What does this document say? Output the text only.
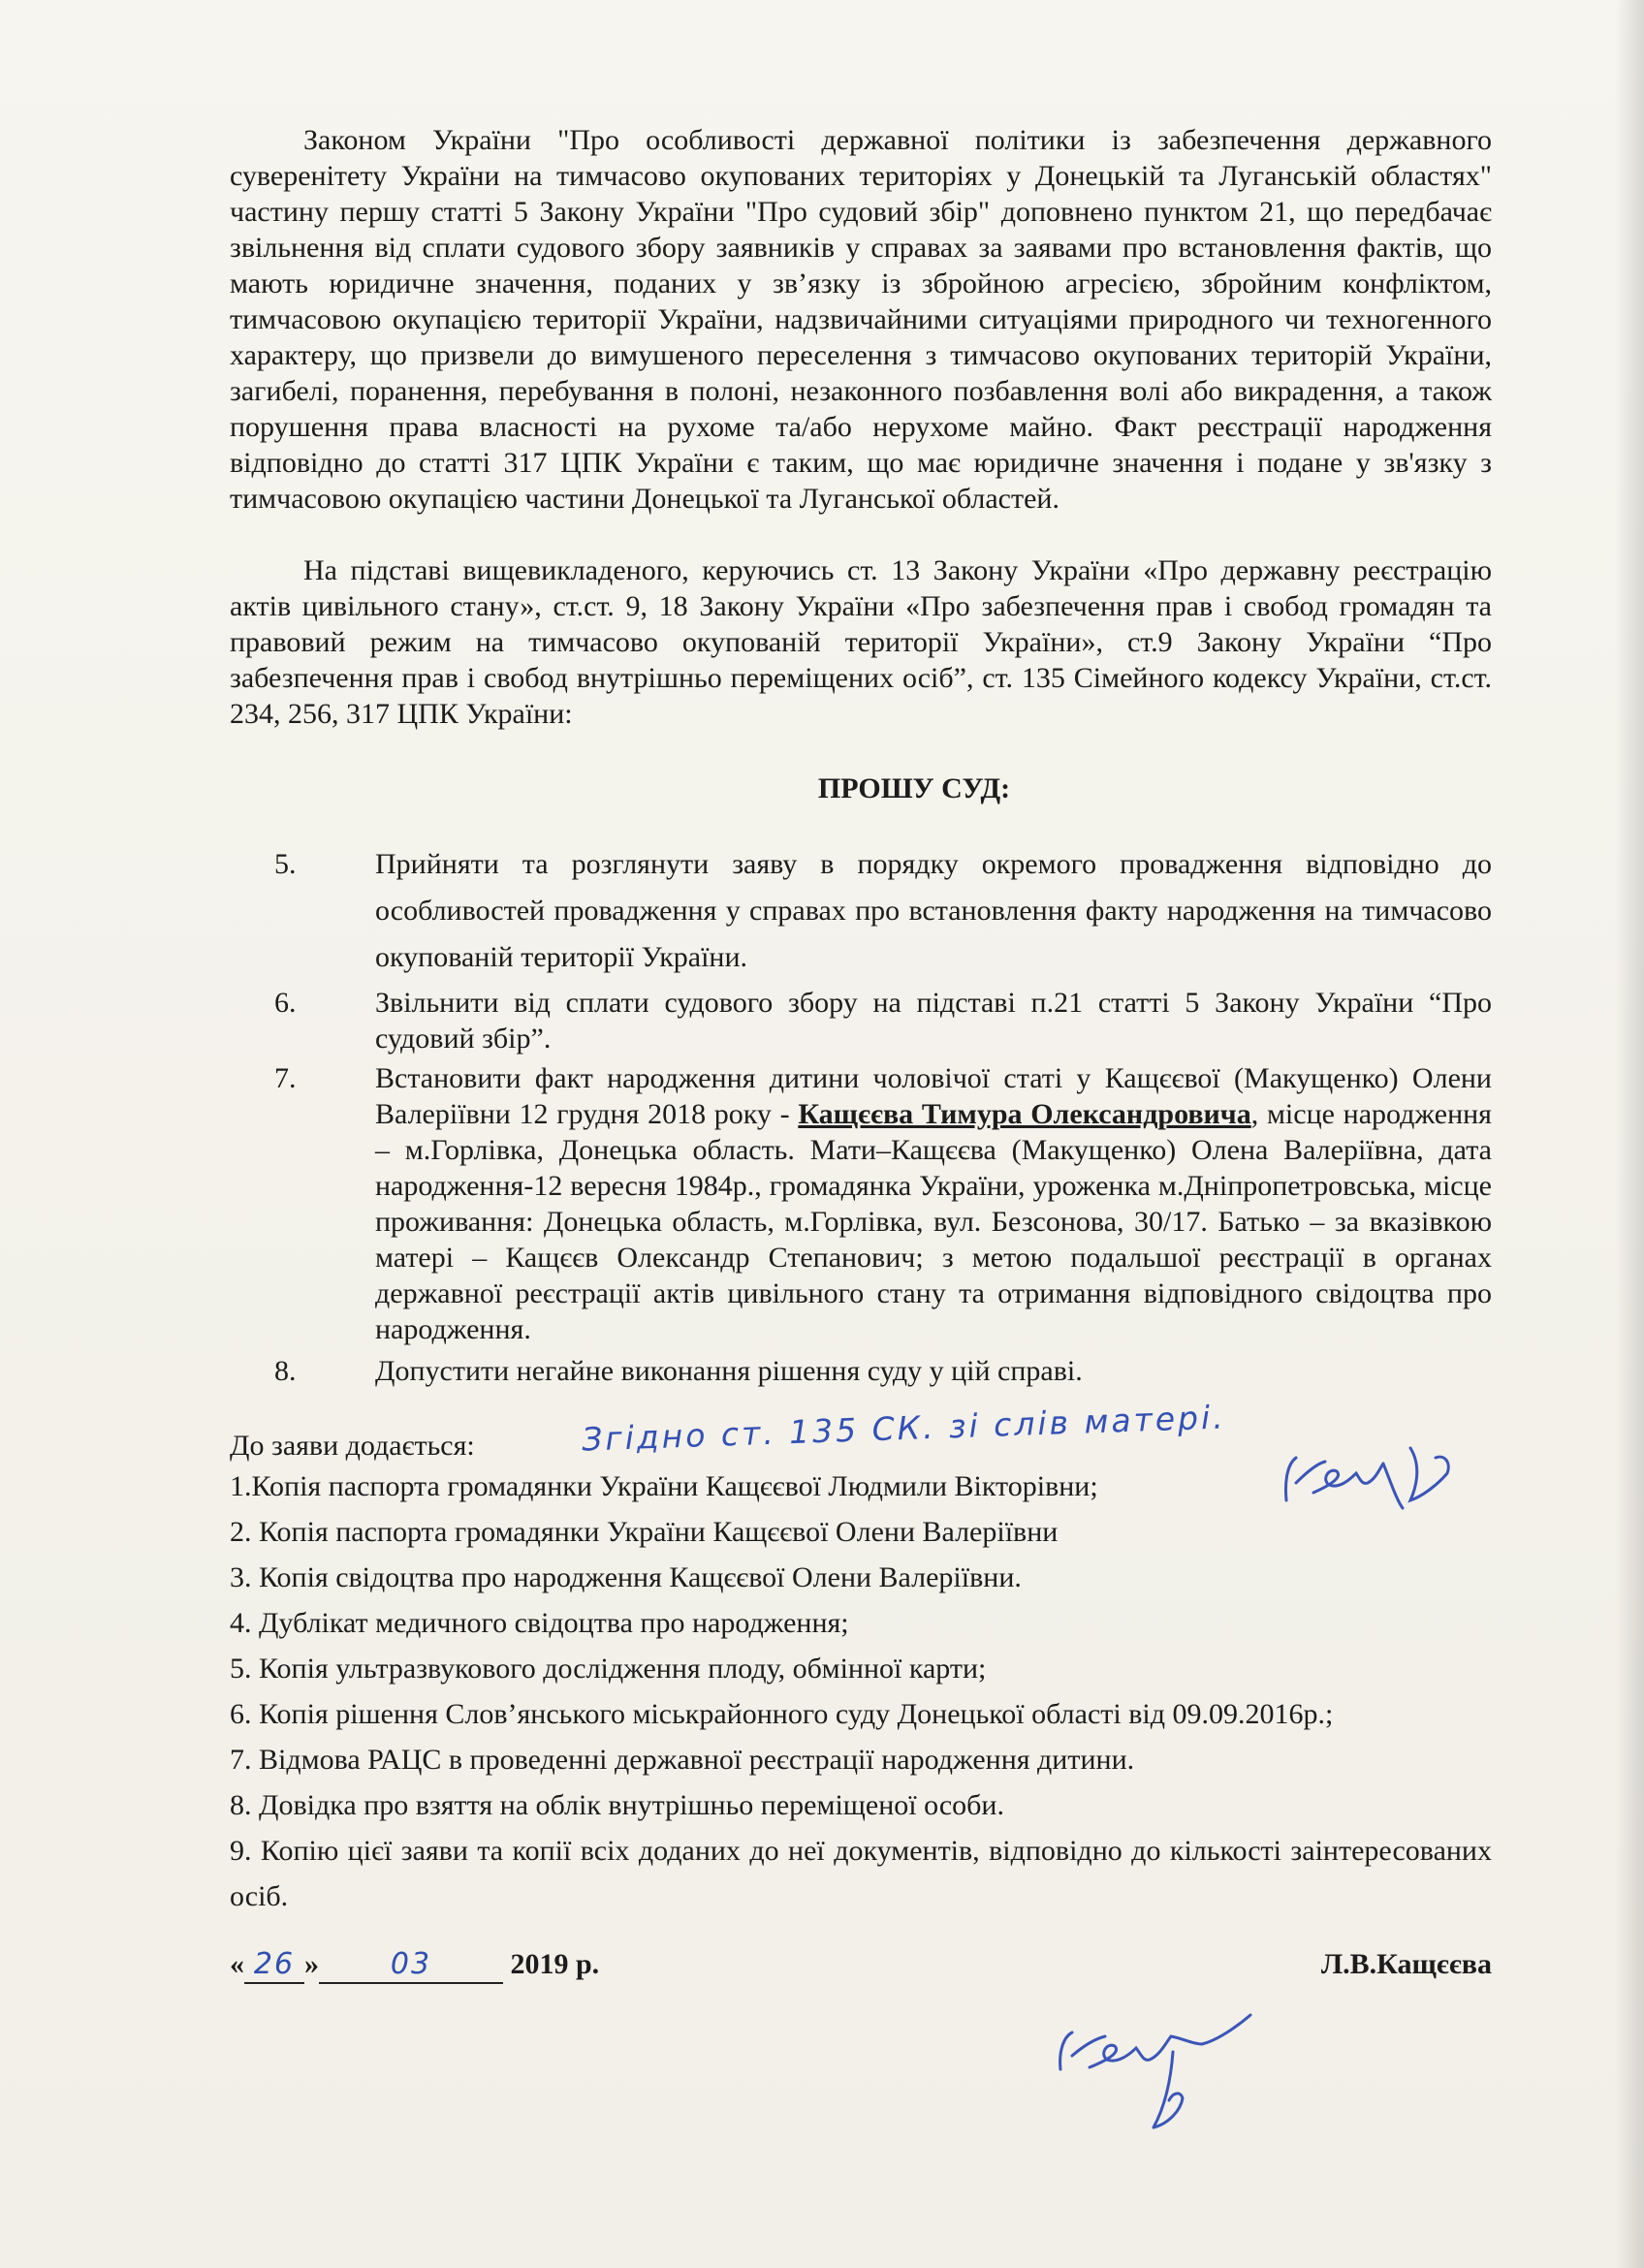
Законом України "Про особливості державної політики із забезпечення державного суверенітету України на тимчасово окупованих територіях у Донецькій та Луганській областях" частину першу статті 5 Закону України "Про судовий збір" доповнено пунктом 21, що передбачає звільнення від сплати судового збору заявників у справах за заявами про встановлення фактів, що мають юридичне значення, поданих у зв’язку із збройною агресією, збройним конфліктом, тимчасовою окупацією території України, надзвичайними ситуаціями природного чи техногенного характеру, що призвели до вимушеного переселення з тимчасово окупованих територій України, загибелі, поранення, перебування в полоні, незаконного позбавлення волі або викрадення, а також порушення права власності на рухоме та/або нерухоме майно. Факт реєстрації народження відповідно до статті 317 ЦПК України є таким, що має юридичне значення і подане у зв'язку з тимчасовою окупацією частини Донецької та Луганської областей.

На підставі вищевикладеного, керуючись ст. 13 Закону України «Про державну реєстрацію актів цивільного стану», ст.ст. 9, 18 Закону України «Про забезпечення прав і свобод громадян та правовий режим на тимчасово окупованій території України», ст.9 Закону України “Про забезпечення прав і свобод внутрішньо переміщених осіб”, ст. 135 Сімейного кодексу України, ст.ст. 234, 256, 317 ЦПК України:

ПРОШУ СУД:
5.	Прийняти та розглянути заяву в порядку окремого провадження відповідно до особливостей провадження у справах про встановлення факту народження на тимчасово окупованій території України.
6.	Звільнити від сплати судового збору на підставі п.21 статті 5 Закону України “Про судовий збір”.
7.	Встановити факт народження дитини чоловічої статі у Кащєєвої (Макущенко) Олени Валеріївни 12 грудня 2018 року - Кащєєва Тимура Олександровича, місце народження – м.Горлівка, Донецька область. Мати–Кащєєва (Макущенко) Олена Валеріївна, дата народження-12 вересня 1984р., громадянка України, уроженка м.Дніпропетровська, місце проживання: Донецька область, м.Горлівка, вул. Безсонова, 30/17. Батько – за вказівкою матері – Кащєєв Олександр Степанович; з метою подальшої реєстрації в органах державної реєстрації актів цивільного стану та отримання відповідного свідоцтва про народження.
8.	Допустити негайне виконання рішення суду у цій справі.
До заяви додається:
1.Копія паспорта громадянки України Кащєєвої Людмили Вікторівни;
2. Копія паспорта громадянки України Кащєєвої Олени Валеріївни
3. Копія свідоцтва про народження Кащєєвої Олени Валеріївни.
4. Дублікат медичного свідоцтва про народження;
5. Копія ультразвукового дослідження плоду, обмінної карти;
6. Копія рішення Слов’янського міськрайонного суду Донецької області від 09.09.2016р.;
7. Відмова РАЦС в проведенні державної реєстрації народження дитини.
8. Довідка про взяття на облік внутрішньо переміщеної особи.
9. Копію цієї заяви та копії всіх доданих до неї документів, відповідно до кількості заінтересованих осіб.
« 26 » 03	2019 р.	Л.В.Кащєєва
Згідно ст. 135 СК. зі слів матері.
